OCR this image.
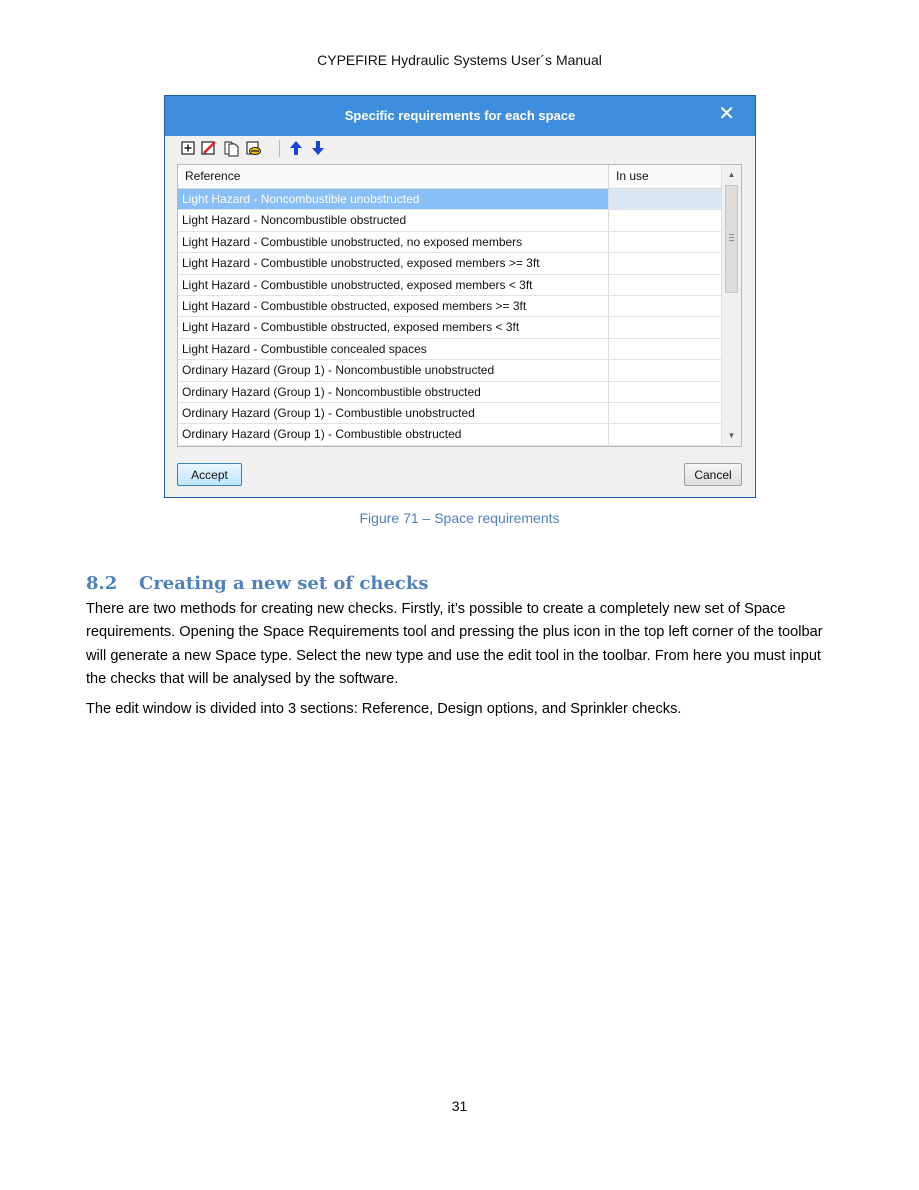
CYPEFIRE Hydraulic Systems User´s Manual
Specific requirements for each space	✕
Reference	In use
Light Hazard - Noncombustible unobstructed
Light Hazard - Noncombustible obstructed
Light Hazard - Combustible unobstructed, no exposed members
Light Hazard - Combustible unobstructed, exposed members >= 3ft
Light Hazard - Combustible unobstructed, exposed members < 3ft
Light Hazard - Combustible obstructed, exposed members >= 3ft
Light Hazard - Combustible obstructed, exposed members < 3ft
Light Hazard - Combustible concealed spaces
Ordinary Hazard (Group 1) - Noncombustible unobstructed
Ordinary Hazard (Group 1) - Noncombustible obstructed
Ordinary Hazard (Group 1) - Combustible unobstructed
Ordinary Hazard (Group 1) - Combustible obstructed
▲
▼
Accept	Cancel
Figure 71 – Space requirements
8.2 Creating a new set of checks
There are two methods for creating new checks. Firstly, it’s possible to create a completely new set of Space requirements. Opening the Space Requirements tool and pressing the plus icon in the top left corner of the toolbar will generate a new Space type. Select the new type and use the edit tool in the toolbar. From here you must input the checks that will be analysed by the software.
The edit window is divided into 3 sections: Reference, Design options, and Sprinkler checks.
31
